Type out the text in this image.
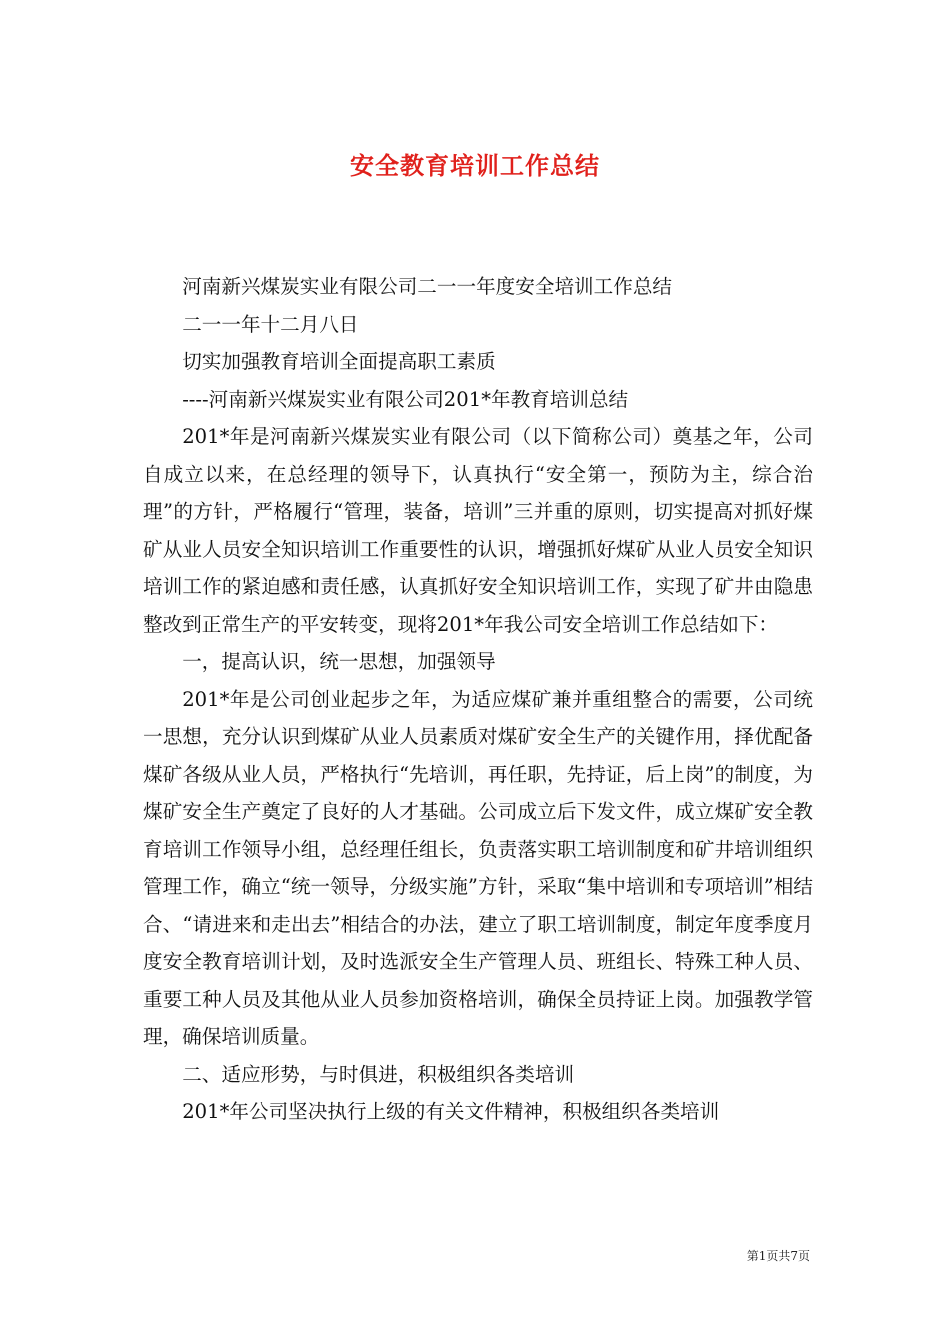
安全教育培训工作总结

河南新兴煤炭实业有限公司二一一年度安全培训工作总结

二一一年十二月八日

切实加强教育培训全面提高职工素质

----河南新兴煤炭实业有限公司201*年教育培训总结

201*年是河南新兴煤炭实业有限公司（以下简称公司）奠基之年，公司自成立以来，在总经理的领导下，认真执行“安全第一，预防为主，综合治理”的方针，严格履行“管理，装备，培训”三并重的原则，切实提高对抓好煤矿从业人员安全知识培训工作重要性的认识，增强抓好煤矿从业人员安全知识培训工作的紧迫感和责任感，认真抓好安全知识培训工作，实现了矿井由隐患整改到正常生产的平安转变，现将201*年我公司安全培训工作总结如下：

一，提高认识，统一思想，加强领导

201*年是公司创业起步之年，为适应煤矿兼并重组整合的需要，公司统一思想，充分认识到煤矿从业人员素质对煤矿安全生产的关键作用，择优配备煤矿各级从业人员，严格执行“先培训，再任职，先持证，后上岗”的制度，为煤矿安全生产奠定了良好的人才基础。公司成立后下发文件，成立煤矿安全教育培训工作领导小组，总经理任组长，负责落实职工培训制度和矿井培训组织管理工作，确立“统一领导，分级实施”方针，采取“集中培训和专项培训”相结合、“请进来和走出去”相结合的办法，建立了职工培训制度，制定年度季度月度安全教育培训计划，及时选派安全生产管理人员、班组长、特殊工种人员、重要工种人员及其他从业人员参加资格培训，确保全员持证上岗。加强教学管理，确保培训质量。

二、适应形势，与时俱进，积极组织各类培训

201*年公司坚决执行上级的有关文件精神，积极组织各类培训

第1页共7页
